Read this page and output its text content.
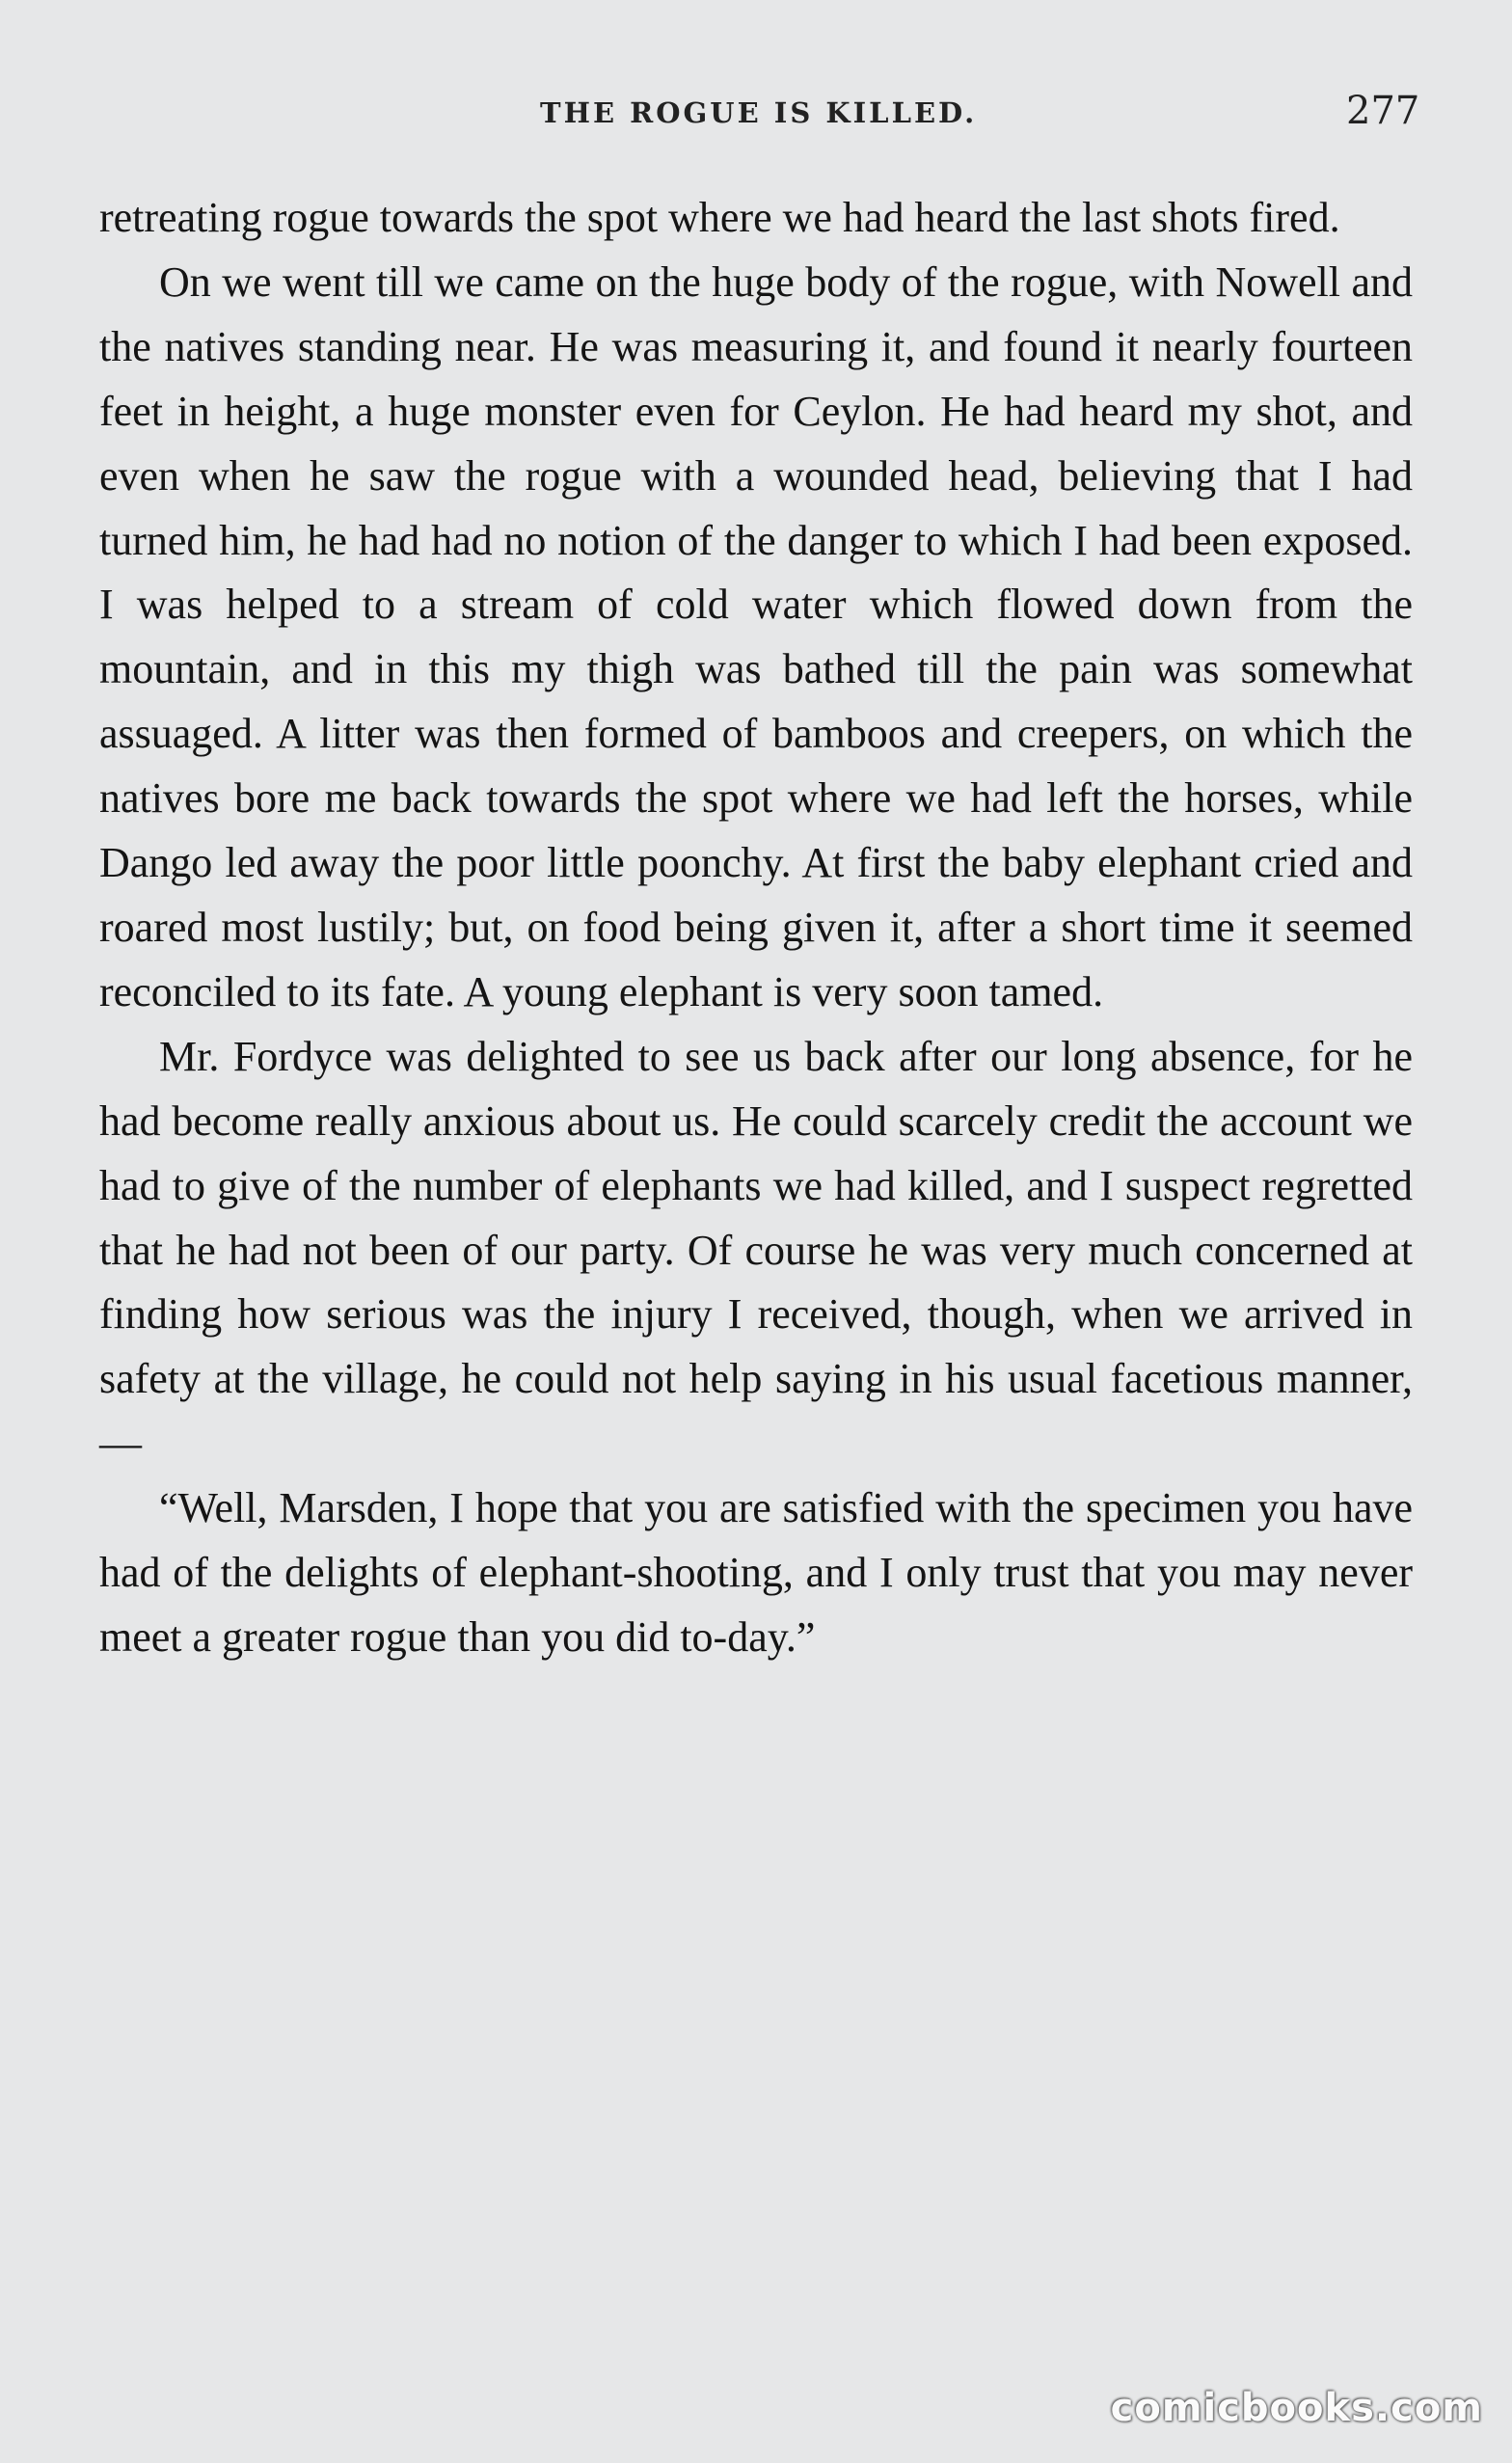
THE ROGUE IS KILLED.	277

retreating rogue towards the spot where we had heard the last shots fired.

On we went till we came on the huge body of the rogue, with Nowell and the natives standing near. He was measuring it, and found it nearly fourteen feet in height, a huge monster even for Ceylon. He had heard my shot, and even when he saw the rogue with a wounded head, believing that I had turned him, he had had no notion of the danger to which I had been exposed. I was helped to a stream of cold water which flowed down from the mountain, and in this my thigh was bathed till the pain was somewhat assuaged. A litter was then formed of bamboos and creepers, on which the natives bore me back towards the spot where we had left the horses, while Dango led away the poor little poonchy. At first the baby elephant cried and roared most lustily; but, on food being given it, after a short time it seemed reconciled to its fate. A young elephant is very soon tamed.

Mr. Fordyce was delighted to see us back after our long absence, for he had become really anxious about us. He could scarcely credit the account we had to give of the number of elephants we had killed, and I suspect regretted that he had not been of our party. Of course he was very much concerned at finding how serious was the injury I received, though, when we arrived in safety at the village, he could not help saying in his usual facetious manner,—

“Well, Marsden, I hope that you are satisfied with the specimen you have had of the delights of elephant-shooting, and I only trust that you may never meet a greater rogue than you did to-day.”

comicbooks.com
